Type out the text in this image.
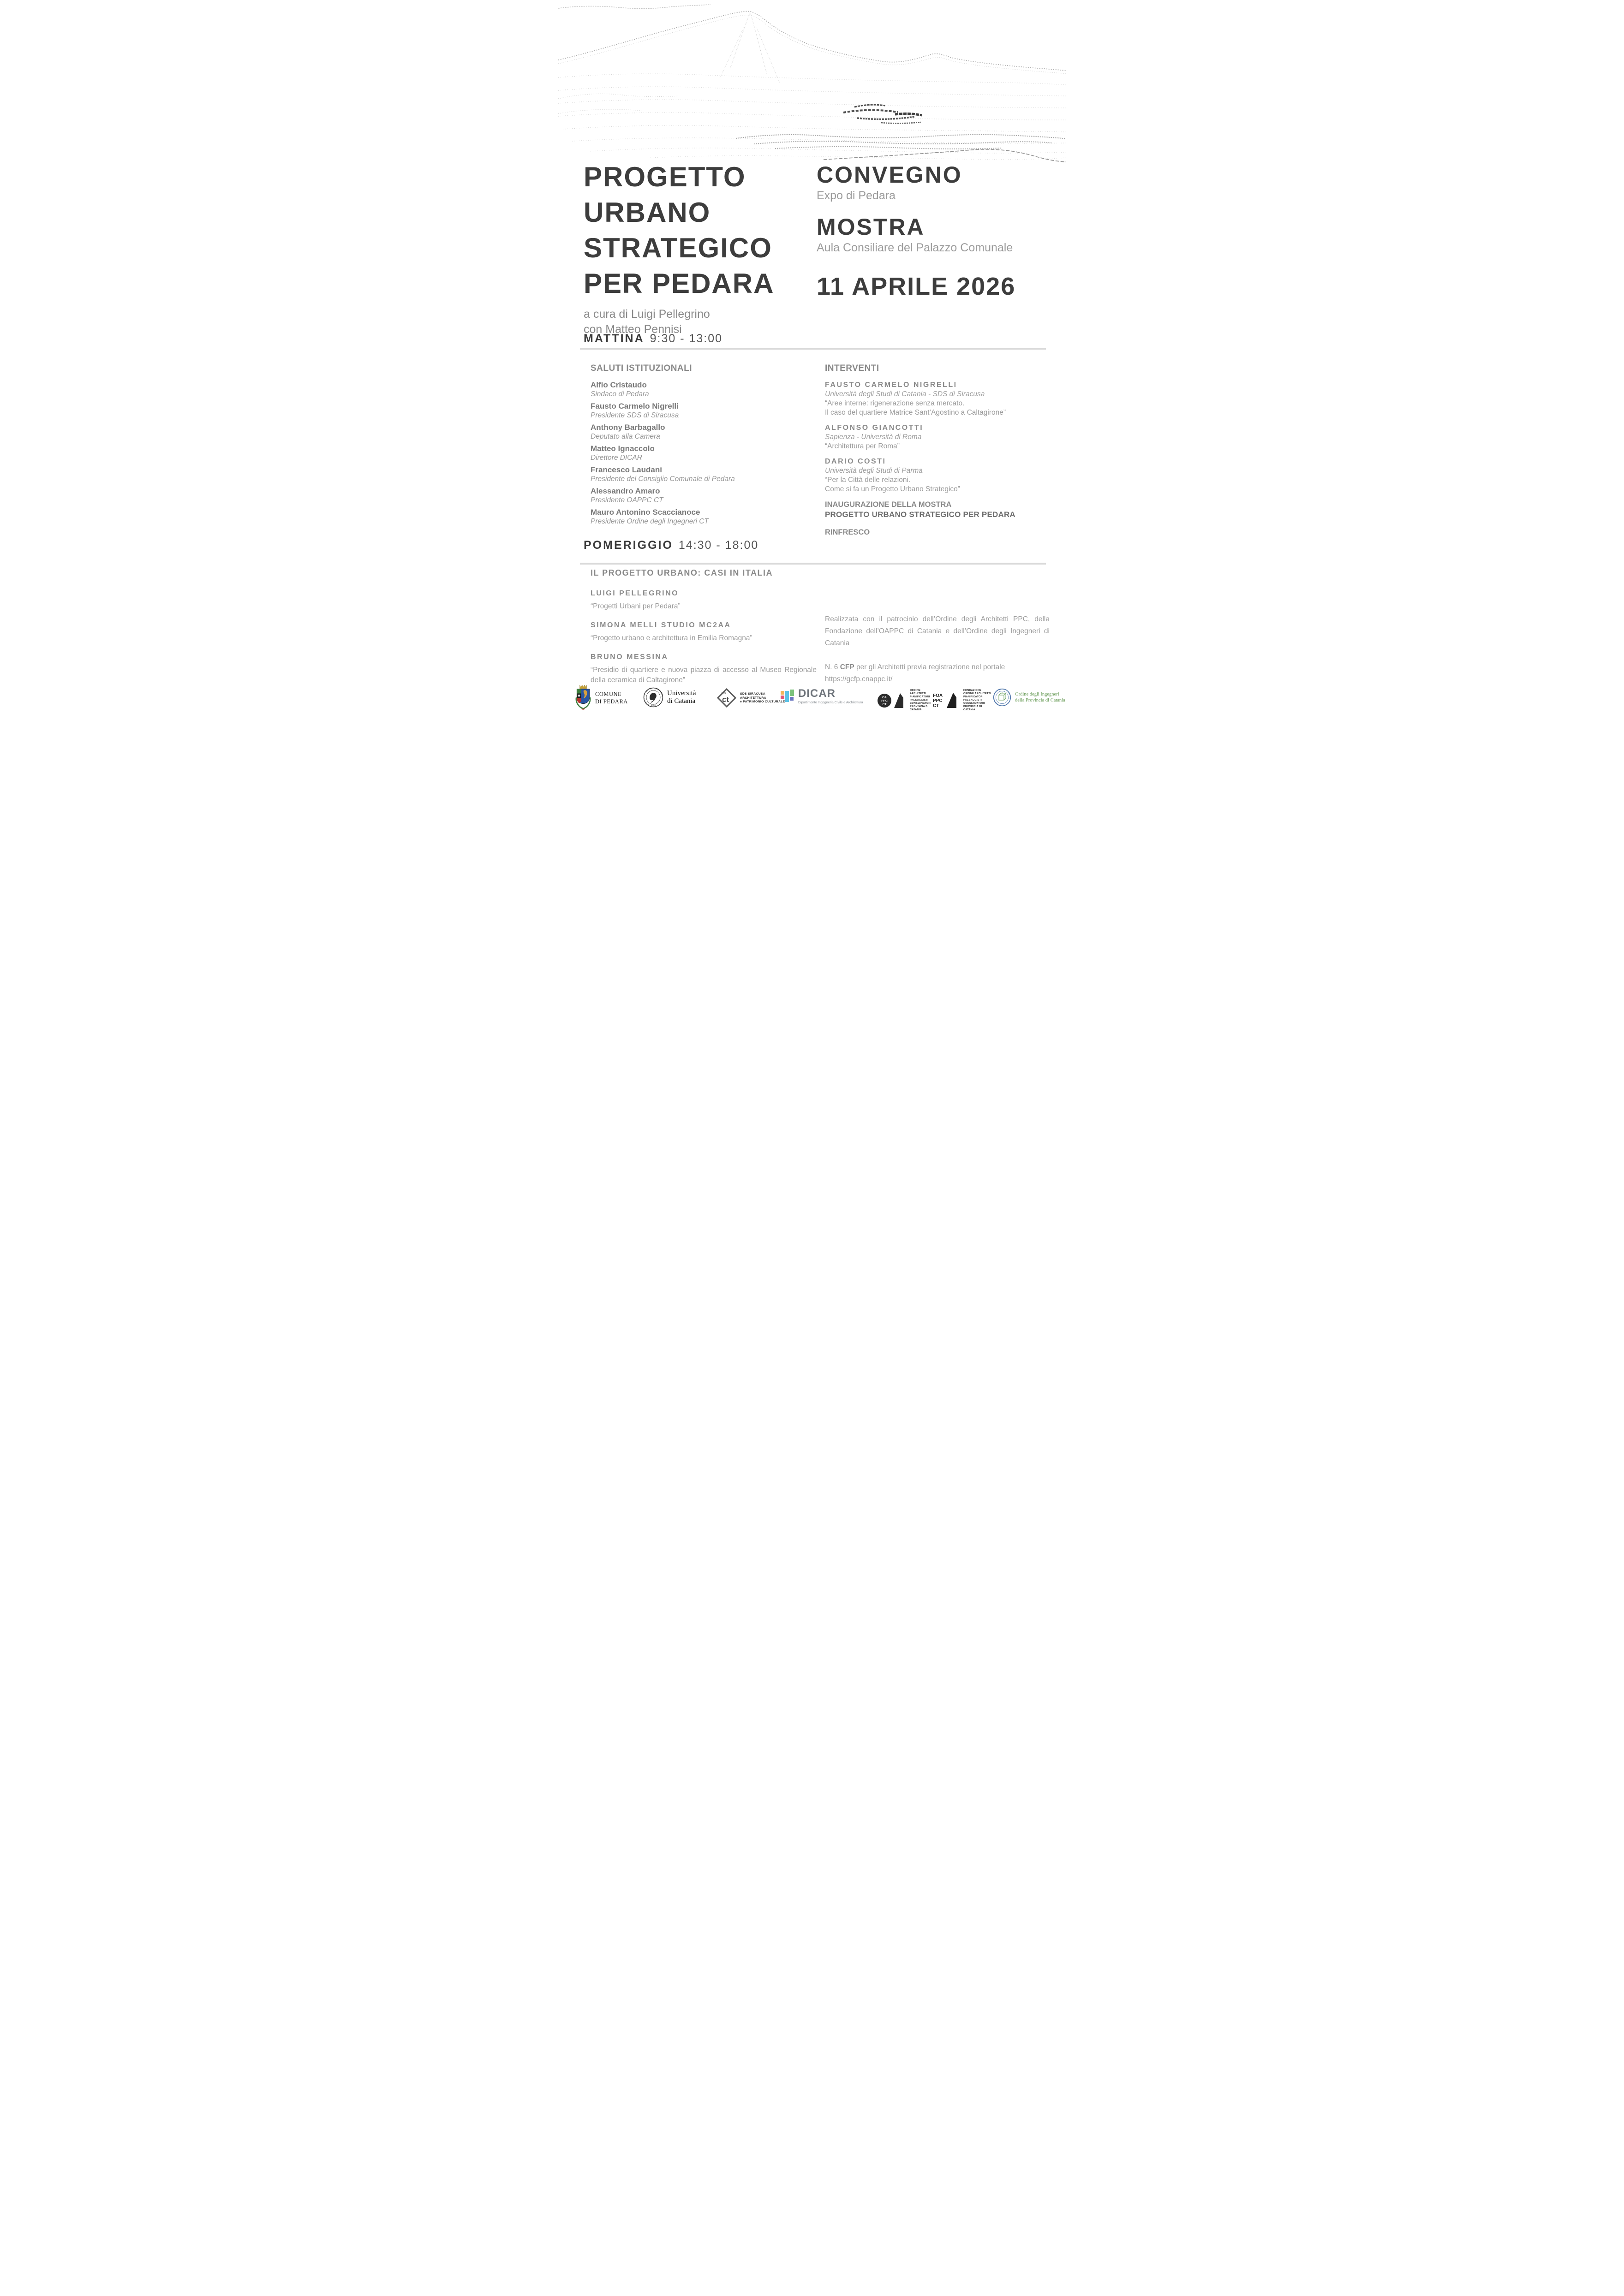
PROGETTO
URBANO
STRATEGICO
PER PEDARA
a cura di Luigi Pellegrino
con Matteo Pennisi
CONVEGNO
Expo di Pedara
MOSTRA
Aula Consiliare del Palazzo Comunale
11 APRILE 2026
MATTINA 9:30 - 13:00
SALUTI ISTITUZIONALI
Alfio Cristaudo
Sindaco di Pedara
Fausto Carmelo Nigrelli
Presidente SDS di Siracusa
Anthony Barbagallo
Deputato alla Camera
Matteo Ignaccolo
Direttore DICAR
Francesco Laudani
Presidente del Consiglio Comunale di Pedara
Alessandro Amaro
Presidente OAPPC CT
Mauro Antonino Scaccianoce
Presidente Ordine degli Ingegneri CT
INTERVENTI
FAUSTO CARMELO NIGRELLI
Università degli Studi di Catania - SDS di Siracusa
“Aree interne: rigenerazione senza mercato.
Il caso del quartiere Matrice Sant’Agostino a Caltagirone”
ALFONSO GIANCOTTI
Sapienza - Università di Roma
“Architettura per Roma”
DARIO COSTI
Università degli Studi di Parma
“Per la Città delle relazioni.
Come si fa un Progetto Urbano Strategico”
INAUGURAZIONE DELLA MOSTRA
PROGETTO URBANO STRATEGICO PER PEDARA
RINFRESCO
POMERIGGIO 14:30 - 18:00
IL PROGETTO URBANO: CASI IN ITALIA
LUIGI PELLEGRINO
“Progetti Urbani per Pedara”
SIMONA MELLI STUDIO MC2AA
“Progetto urbano e architettura in Emilia Romagna”
BRUNO MESSINA
“Presidio di quartiere e nuova piazza di accesso al Museo Regionale della ceramica di Caltagirone”
Realizzata con il patrocinio dell’Ordine degli Architetti PPC, della Fondazione dell’OAPPC di Catania e dell’Ordine degli Ingegneri di Catania
N. 6 CFP per gli Architetti previa registrazione nel portale
https://gcfp.cnappc.it/
COMUNE
DI PEDARA
SICILIAE STVDIVM GENERALE
1434
Università
di Catania
Uni
ct
SDS SIRACUSA
ARCHITETTURA
e PATRIMONIO CULTURALE
DICAR
Dipartimento Ingegneria Civile e Architettura
OA
PPC
CT
ORDINE
ARCHITETTI
PIANIFICATORI
PAESAGGISTI
CONSERVATORI
PROVINCIA DI
CATANIA
FOA
PPC
CT
FONDAZIONE
ORDINE ARCHITETTI
PIANIFICATORI
PAESAGGISTI
CONSERVATORI
PROVINCIA DI
CATANIA
ORDINE · INGEGNERI · CATANIA
Ordine degli Ingegneri
della Provincia di Catania
